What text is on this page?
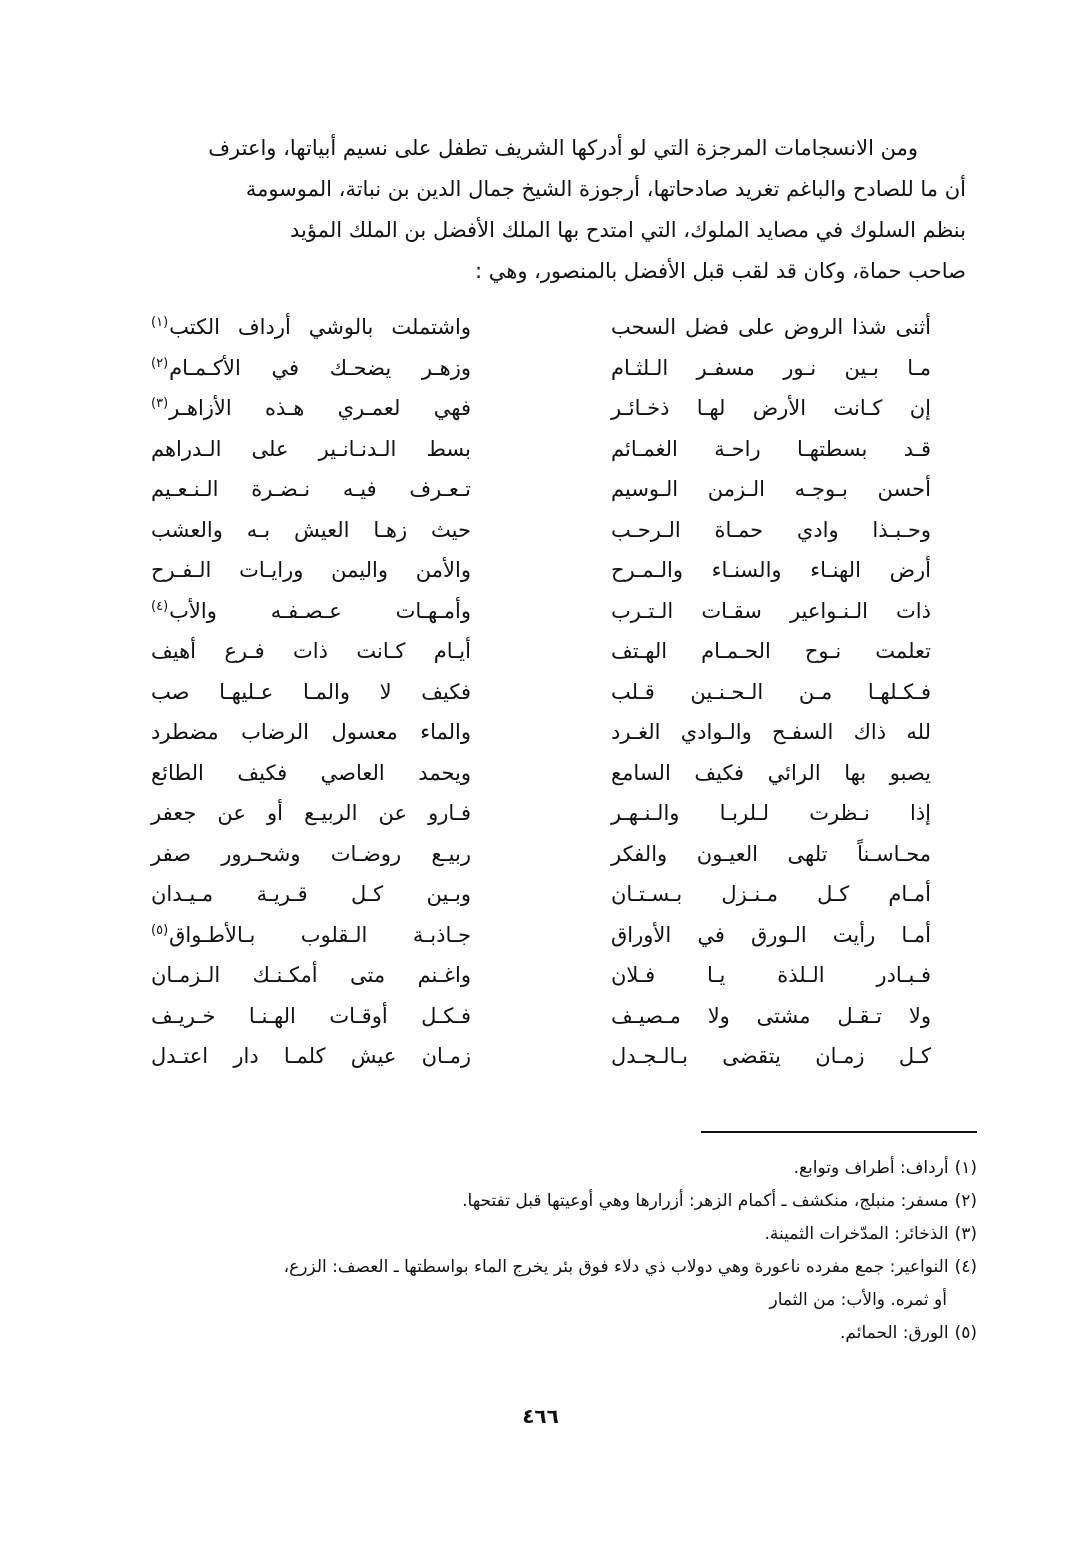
ومن الانسجامات المرجزة التي لو أدركها الشريف تطفل على نسيم أبياتها، واعترف

أن ما للصادح والباغم تغريد صادحاتها، أرجوزة الشيخ جمال الدين بن نباتة، الموسومة

بنظم السلوك في مصايد الملوك، التي امتدح بها الملك الأفضل بن الملك المؤيد

صاحب حماة، وكان قد لقب قبل الأفضل بالمنصور، وهي :

أثنى شذا الروض على فضل السحب
واشتملت بالوشي أرداف الكتب$^{(١)}$
مـا بـين نـور مسفـر الـلثـام
وزهـر يضحـك في الأكـمـام$^{(٢)}$
إن كـانت الأرض لهـا ذخـائـر
فهي لعمـري هـذه الأزاهـر$^{(٣)}$
قـد بسطتهـا راحـة الغمـائم
بسط الـدنـانـير على الـدراهم
أحسن بـوجـه الـزمن الـوسيم
تـعـرف فيـه نـضـرة الـنـعـيم
وحـبـذا وادي حمـاة الـرحـب
حيث زهـا العيش بـه والعشب
أرض الهنـاء والسنـاء والـمـرح
والأمن واليمن ورايـات الـفـرح
ذات الـنـواعير سقـات الـتـرب
وأمـهـات عـصـفـه والأب$^{(٤)}$
تعلمت نـوح الحـمـام الهـتف
أيـام كـانت ذات فـرع أهيف
فـكـلهـا مـن الـحـنـين قـلب
فكيف لا والمـا عـليهـا صب
لله ذاك السفـح والـوادي الغـرد
والماء معسول الرضاب مضطرد
يصبو بها الرائي فكيف السامع
ويحمد العاصي فكيف الطائع
إذا نـظرت لـلربـا والـنـهـر
فـارو عن الربيـع أو عن جعفر
محـاسـناً تلهى العيـون والفكر
ربيـع روضـات وشحـرور صفر
أمـام كـل مـنـزل بـسـتـان
وبـين كـل قـريـة مـيـدان
أمـا رأيت الـورق في الأوراق
جـاذبـة الـقلوب بـالأطـواق$^{(٥)}$
فـبـادر الـلذة يـا فـلان
واغـنم متى أمكـنـك الـزمـان
ولا تـقـل مشتى ولا مـصيـف
فـكـل أوقـات الهـنـا خـريـف
كـل زمـان يتقضى بـالـجـدل
زمـان عيش كلمـا دار اعتـدل
(١)أرداف: أطراف وتوابع.
(٢)مسفر: منبلج، منكشف ـ أكمام الزهر: أزرارها وهي أوعيتها قبل تفتحها.
(٣)الذخائر: المدّخرات الثمينة.
(٤)النواعير: جمع مفرده ناعورة وهي دولاب ذي دلاء فوق بئر يخرج الماء بواسطتها ـ العصف: الزرع،
أو ثمره. والأب: من الثمار
(٥)الورق: الحمائم.
٤٦٦
